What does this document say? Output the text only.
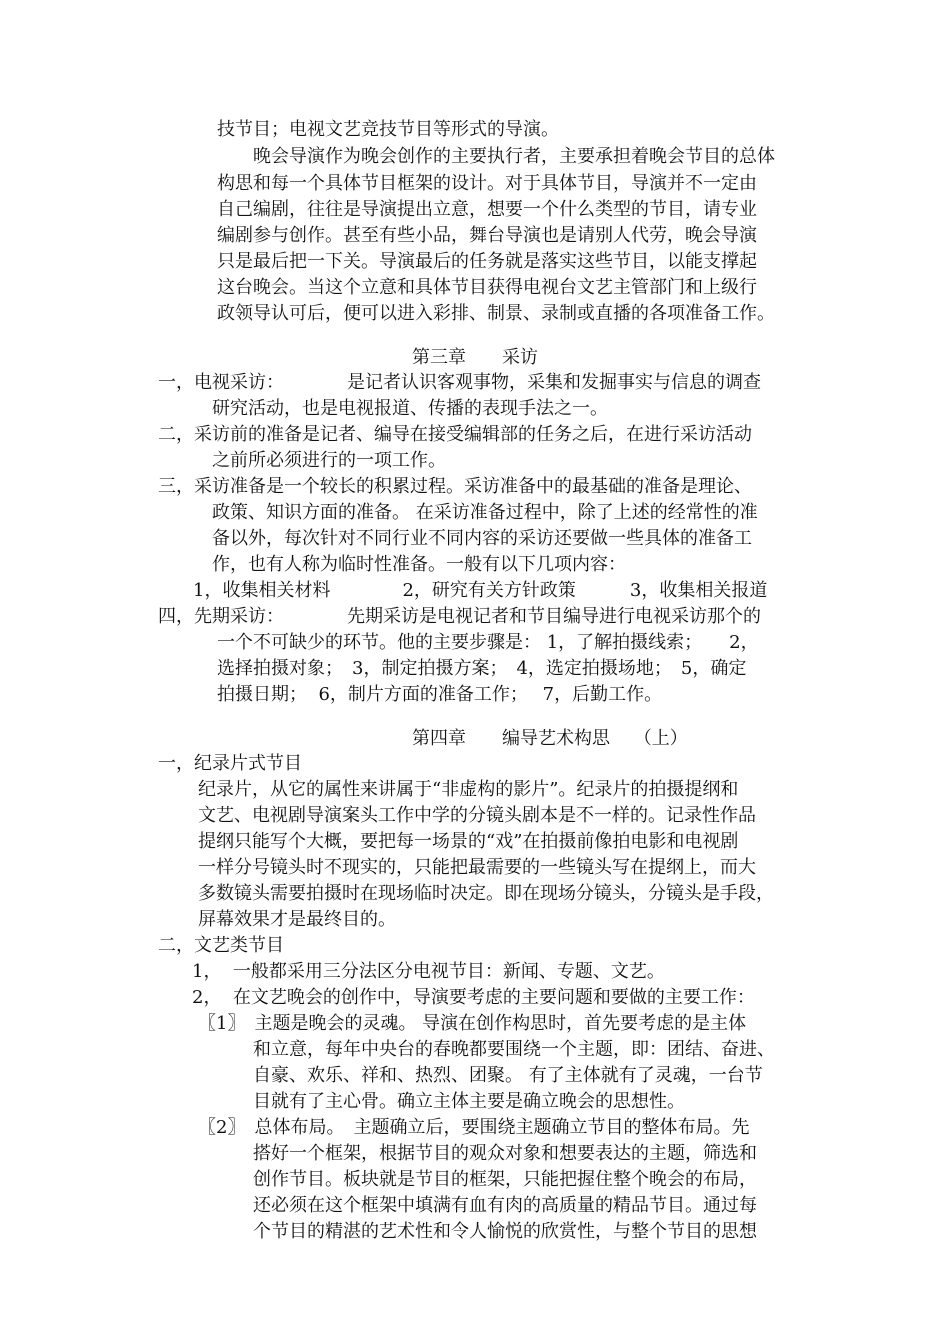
技节目；电视文艺竞技节目等形式的导演。
　　晚会导演作为晚会创作的主要执行者，主要承担着晚会节目的总体
构思和每一个具体节目框架的设计。对于具体节目，导演并不一定由
自己编剧，往往是导演提出立意，想要一个什么类型的节目，请专业
编剧参与创作。甚至有些小品，舞台导演也是请别人代劳，晚会导演
只是最后把一下关。导演最后的任务就是落实这些节目，以能支撑起
这台晚会。当这个立意和具体节目获得电视台文艺主管部门和上级行
政领导认可后，便可以进入彩排、制景、录制或直播的各项准备工作。
第三章　　采访
一，电视采访：　　　　是记者认识客观事物，采集和发掘事实与信息的调查
研究活动，也是电视报道、传播的表现手法之一。
二，采访前的准备是记者、编导在接受编辑部的任务之后，在进行采访活动
之前所必须进行的一项工作。
三，采访准备是一个较长的积累过程。采访准备中的最基础的准备是理论、
政策、知识方面的准备。 在采访准备过程中，除了上述的经常性的准
备以外，每次针对不同行业不同内容的采访还要做一些具体的准备工
作，也有人称为临时性准备。一般有以下几项内容：
1，收集相关材料　　　　2，研究有关方针政策　　　3，收集相关报道
四，先期采访：　　　　先期采访是电视记者和节目编导进行电视采访那个的
一个不可缺少的环节。他的主要步骤是： 1，了解拍摄线索；　　2，
选择拍摄对象；　3，制定拍摄方案；　4，选定拍摄场地；　5，确定
拍摄日期；  6，制片方面的准备工作；　 7，后勤工作。
第四章　　编导艺术构思　 （上）
一，纪录片式节目
纪录片，从它的属性来讲属于“非虚构的影片”。纪录片的拍摄提纲和
文艺、电视剧导演案头工作中学的分镜头剧本是不一样的。记录性作品
提纲只能写个大概，要把每一场景的“戏”在拍摄前像拍电影和电视剧
一样分号镜头时不现实的，只能把最需要的一些镜头写在提纲上，而大
多数镜头需要拍摄时在现场临时决定。即在现场分镜头，分镜头是手段，
屏幕效果才是最终目的。
二，文艺类节目
1，  一般都采用三分法区分电视节目：新闻、专题、文艺。
2，  在文艺晚会的创作中，导演要考虑的主要问题和要做的主要工作：
〖1〗　主题是晚会的灵魂。 导演在创作构思时，首先要考虑的是主体
和立意，每年中央台的春晚都要围绕一个主题，即：团结、奋进、
自豪、欢乐、祥和、热烈、团聚。 有了主体就有了灵魂，一台节
目就有了主心骨。确立主体主要是确立晚会的思想性。
〖2〗　总体布局。　主题确立后，要围绕主题确立节目的整体布局。先
搭好一个框架，根据节目的观众对象和想要表达的主题，筛选和
创作节目。板块就是节目的框架，只能把握住整个晚会的布局，
还必须在这个框架中填满有血有肉的高质量的精品节目。通过每
个节目的精湛的艺术性和令人愉悦的欣赏性，与整个节目的思想
